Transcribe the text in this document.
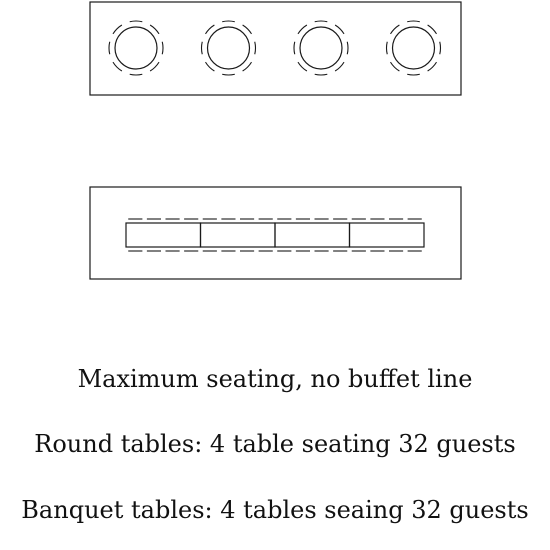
Maximum seating, no buffet line
Round tables: 4 table seating 32 guests
Banquet tables: 4 tables seaing 32 guests
